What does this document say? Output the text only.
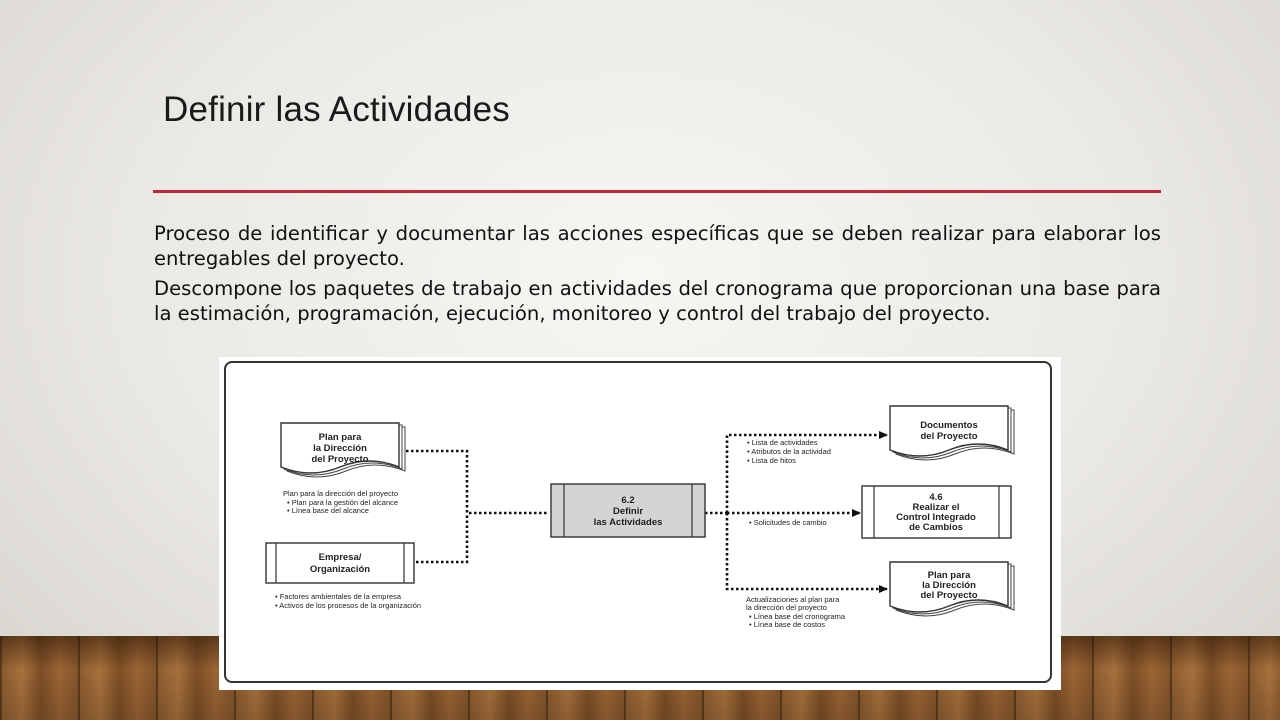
Definir las Actividades
Proceso de identificar y documentar las acciones específicas que se deben realizar para elaborar los entregables del proyecto.
Descompone los paquetes de trabajo en actividades del cronograma que proporcionan una base para la estimación, programación, ejecución, monitoreo y control del trabajo del proyecto.
Plan para
la Dirección
del Proyecto
Plan para la dirección del proyecto
• Plan para la gestión del alcance
• Línea base del alcance
Empresa/
Organización
• Factores ambientales de la empresa
• Activos de los procesos de la organización
6.2
Definir
las Actividades
• Lista de actividades
• Atributos de la actividad
• Lista de hitos
• Solicitudes de cambio
Actualizaciones al plan para
la dirección del proyecto
• Línea base del cronograma
• Línea base de costos
Documentos
del Proyecto
4.6
Realizar el
Control Integrado
de Cambios
Plan para
la Dirección
del Proyecto
